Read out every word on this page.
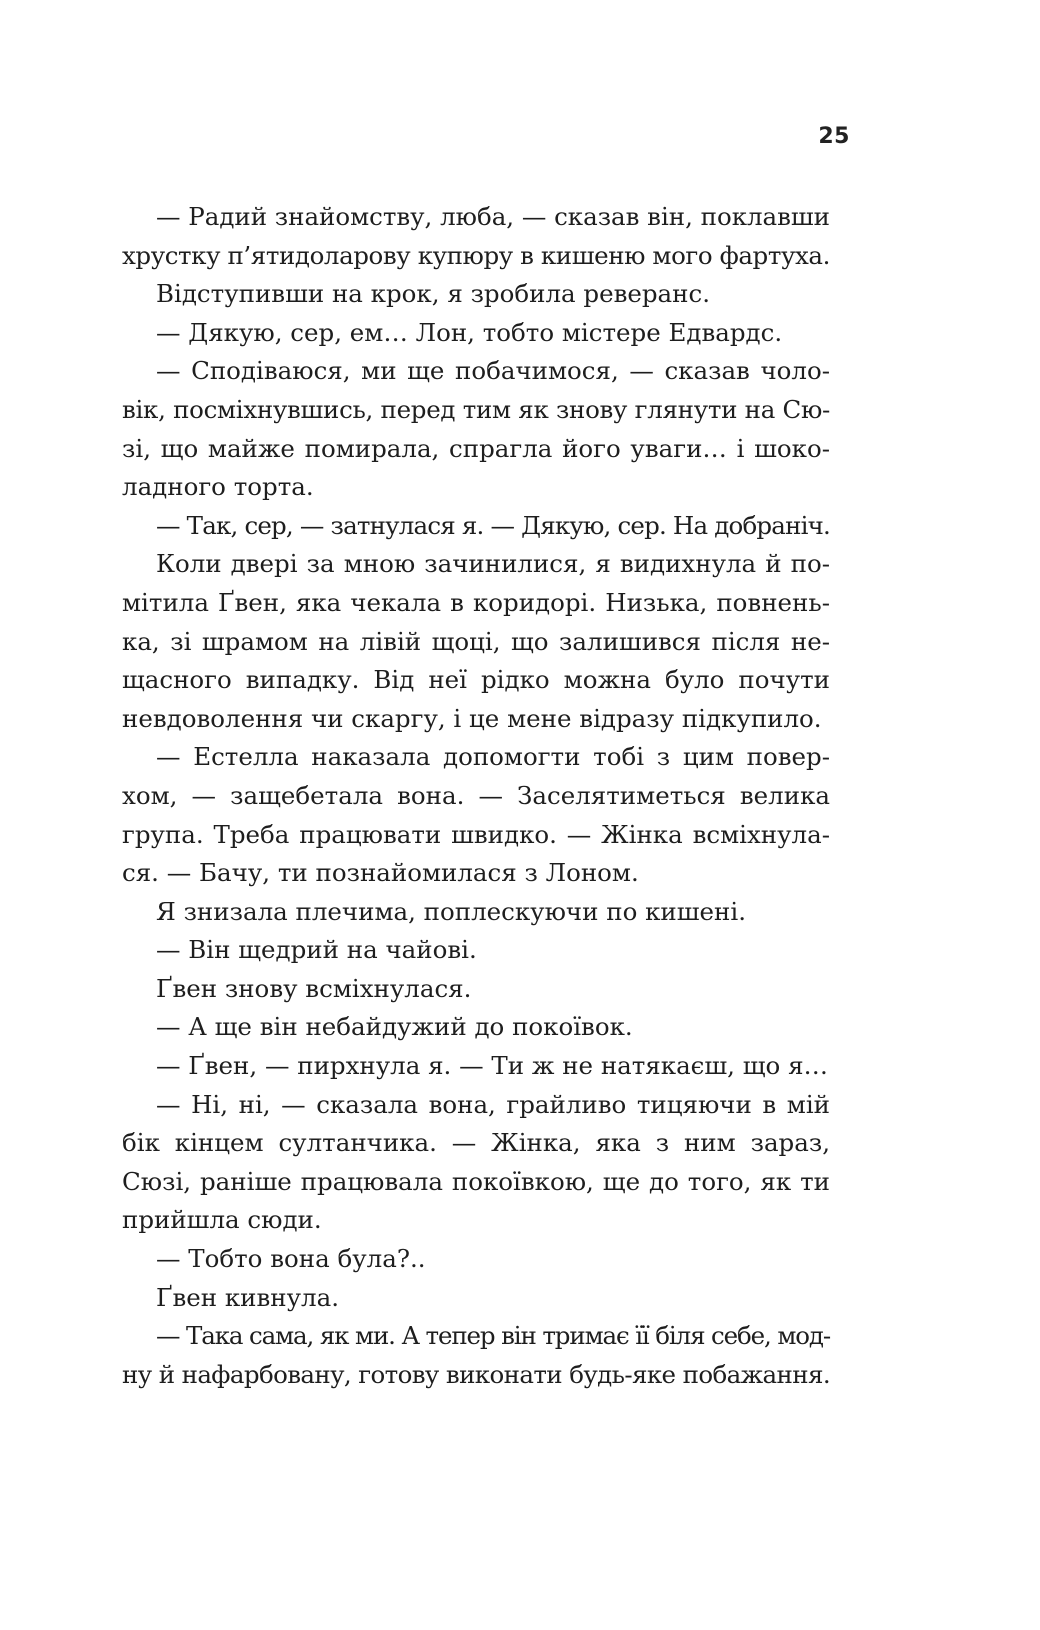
25
— Радий знайомству, люба, — сказав він, поклавши
хрустку п’ятидоларову купюру в кишеню мого фартуха.
Відступивши на крок, я зробила реверанс.
— Дякую, сер, ем… Лон, тобто містере Едвардс.
— Сподіваюся, ми ще побачимося, — сказав чоло-
вік, посміхнувшись, перед тим як знову глянути на Сю-
зі, що майже помирала, спрагла його уваги… і шоко-
ладного торта.
— Так, сер, — затнулася я. — Дякую, сер. На добраніч.
Коли двері за мною зачинилися, я видихнула й по-
мітила Ґвен, яка чекала в коридорі. Низька, повнень-
ка, зі шрамом на лівій щоці, що залишився після не-
щасного випадку. Від неї рідко можна було почути
невдоволення чи скаргу, і це мене відразу підкупило.
— Естелла наказала допомогти тобі з цим повер-
хом, — защебетала вона. — Заселятиметься велика
група. Треба працювати швидко. — Жінка всміхнула-
ся. — Бачу, ти познайомилася з Лоном.
Я знизала плечима, поплескуючи по кишені.
— Він щедрий на чайові.
Ґвен знову всміхнулася.
— А ще він небайдужий до покоївок.
— Ґвен, — пирхнула я. — Ти ж не натякаєш, що я…
— Ні, ні, — сказала вона, грайливо тицяючи в мій
бік кінцем султанчика. — Жінка, яка з ним зараз,
Сюзі, раніше працювала покоївкою, ще до того, як ти
прийшла сюди.
— Тобто вона була?..
Ґвен кивнула.
— Така сама, як ми. А тепер він тримає її біля себе, мод-
ну й нафарбовану, готову виконати будь-яке побажання.
